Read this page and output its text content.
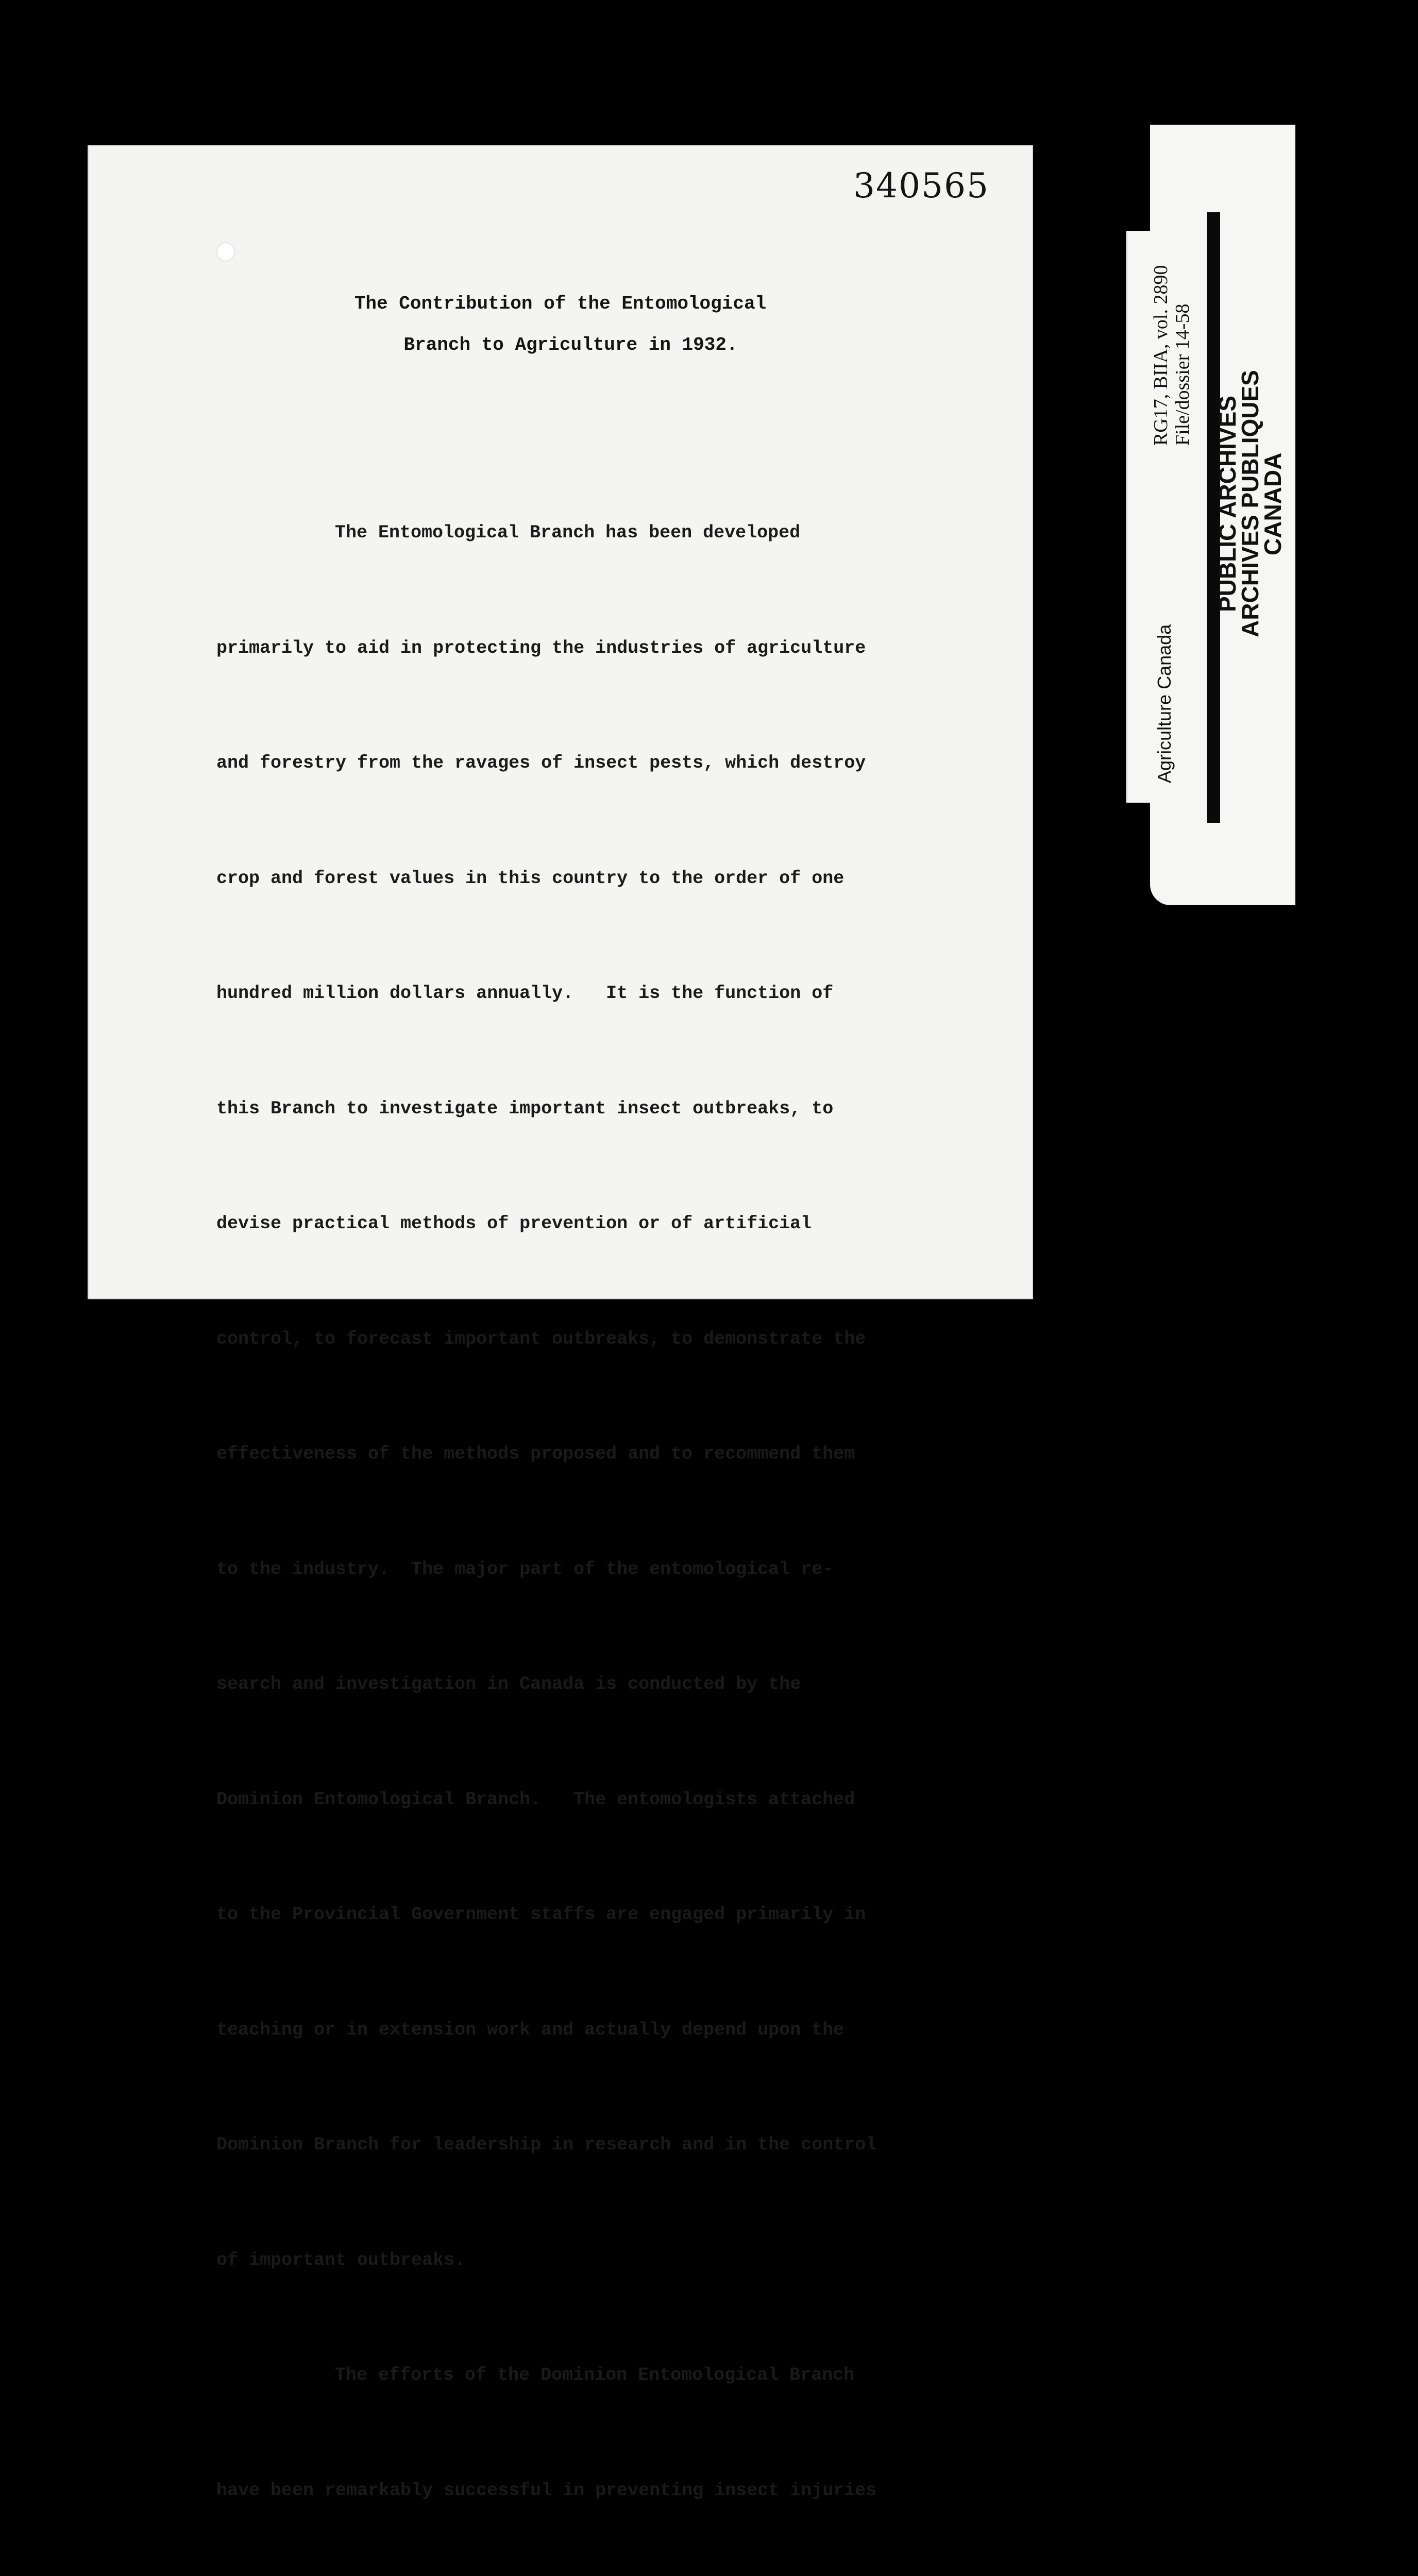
340565
The Contribution of the Entomological
Branch to Agriculture in 1932.

The Entomological Branch has been developed

primarily to aid in protecting the industries of agriculture

and forestry from the ravages of insect pests, which destroy

crop and forest values in this country to the order of one

hundred million dollars annually.   It is the function of

this Branch to investigate important insect outbreaks, to

devise practical methods of prevention or of artificial

control, to forecast important outbreaks, to demonstrate the

effectiveness of the methods proposed and to recommend them

to the industry.  The major part of the entomological re-

search and investigation in Canada is conducted by the

Dominion Entomological Branch.   The entomologists attached

to the Provincial Government staffs are engaged primarily in

teaching or in extension work and actually depend upon the

Dominion Branch for leadership in research and in the control

of important outbreaks.

The efforts of the Dominion Entomological Branch

have been remarkably successful in preventing insect injuries

RG17, BIIA, vol. 2890 File/dossier 14-58
Agriculture Canada
PUBLIC ARCHIVES
ARCHIVES PUBLIQUES
CANADA
